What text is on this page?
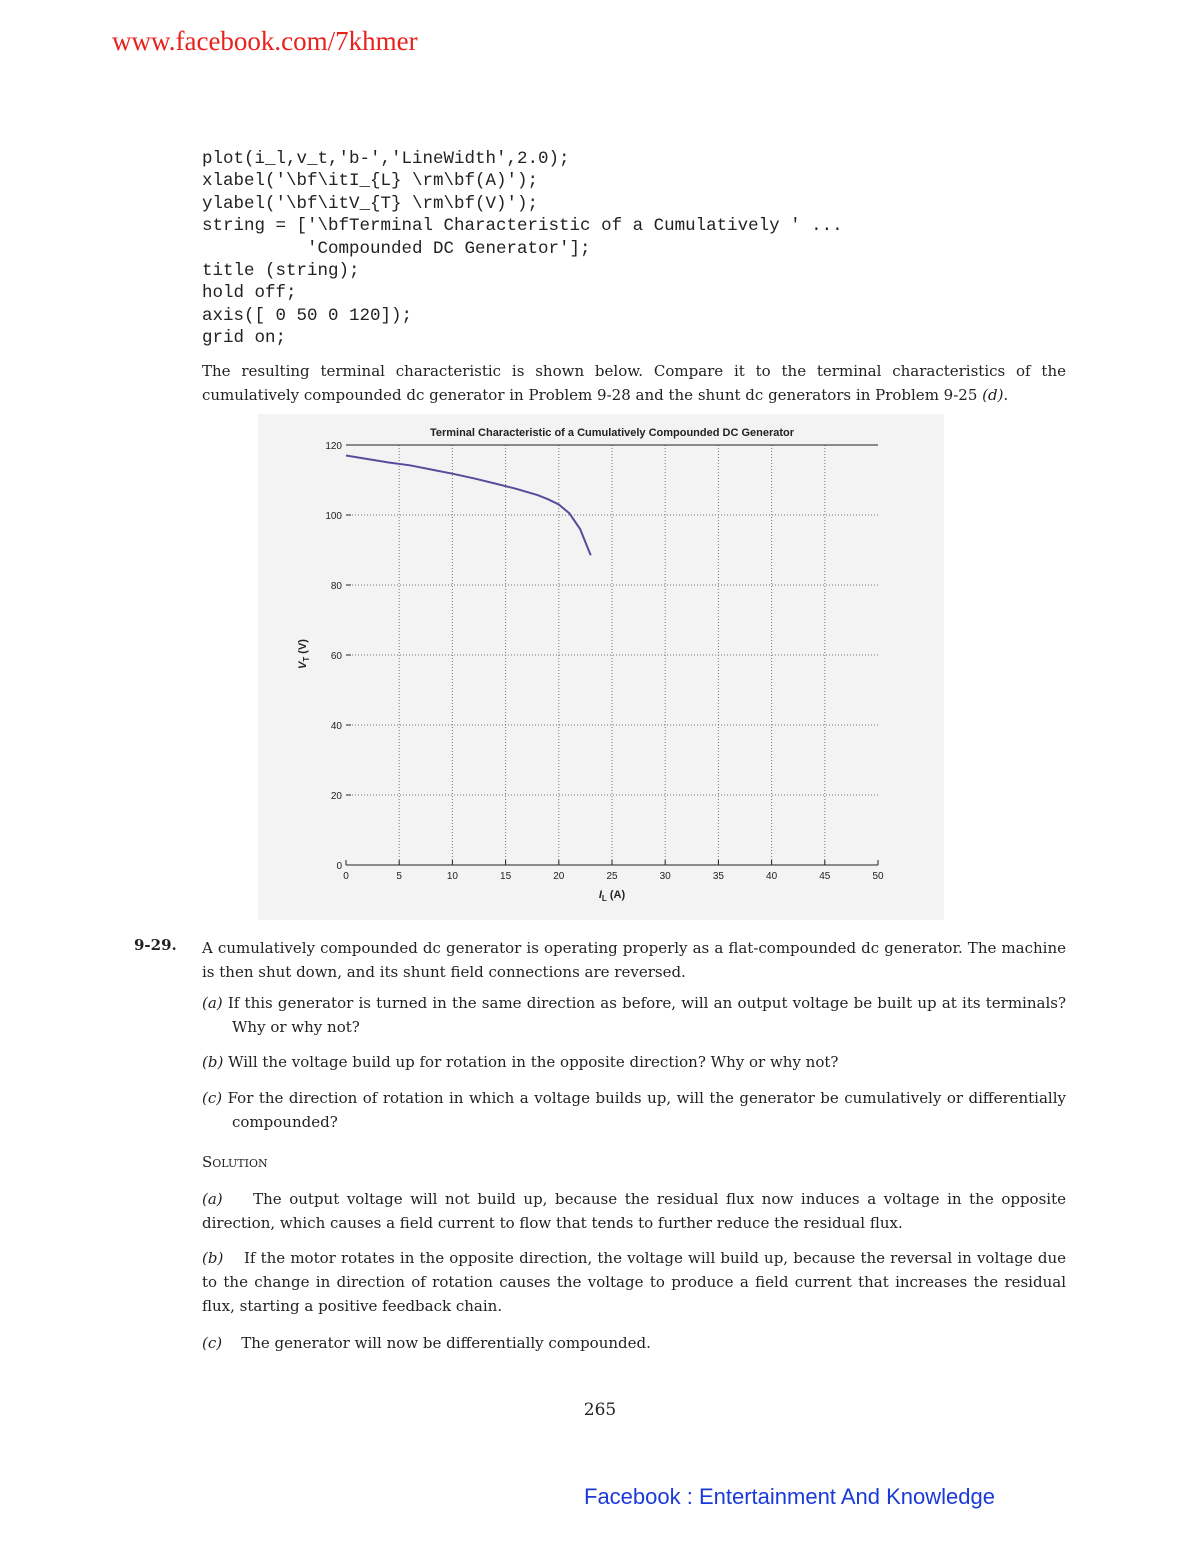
www.facebook.com/7khmer
plot(i_l,v_t,'b-','LineWidth',2.0);
xlabel('\bf\itI_{L} \rm\bf(A)');
ylabel('\bf\itV_{T} \rm\bf(V)');
string = ['\bfTerminal Characteristic of a Cumulatively ' ...
'Compounded DC Generator'];
title (string);
hold off;
axis([ 0 50 0 120]);
grid on;

The resulting terminal characteristic is shown below. Compare it to the terminal characteristics of the cumulatively compounded dc generator in Problem 9-28 and the shunt dc generators in Problem 9-25 (d).

Terminal Characteristic of a Cumulatively Compounded DC Generator
0	5	10	15	20	25	30	35	40	45	50
0
20
40
60
80
100
120
$I_L$ (A)
$V_T$ (V)
9-29. A cumulatively compounded dc generator is operating properly as a flat-compounded dc generator. The machine is then shut down, and its shunt field connections are reversed.
(a) If this generator is turned in the same direction as before, will an output voltage be built up at its terminals? Why or why not?
(b) Will the voltage build up for rotation in the opposite direction? Why or why not?
(c) For the direction of rotation in which a voltage builds up, will the generator be cumulatively or differentially compounded?
Solution
(a) The output voltage will not build up, because the residual flux now induces a voltage in the opposite direction, which causes a field current to flow that tends to further reduce the residual flux.
(b) If the motor rotates in the opposite direction, the voltage will build up, because the reversal in voltage due to the change in direction of rotation causes the voltage to produce a field current that increases the residual flux, starting a positive feedback chain.
(c) The generator will now be differentially compounded.
265
Facebook : Entertainment And Knowledge
